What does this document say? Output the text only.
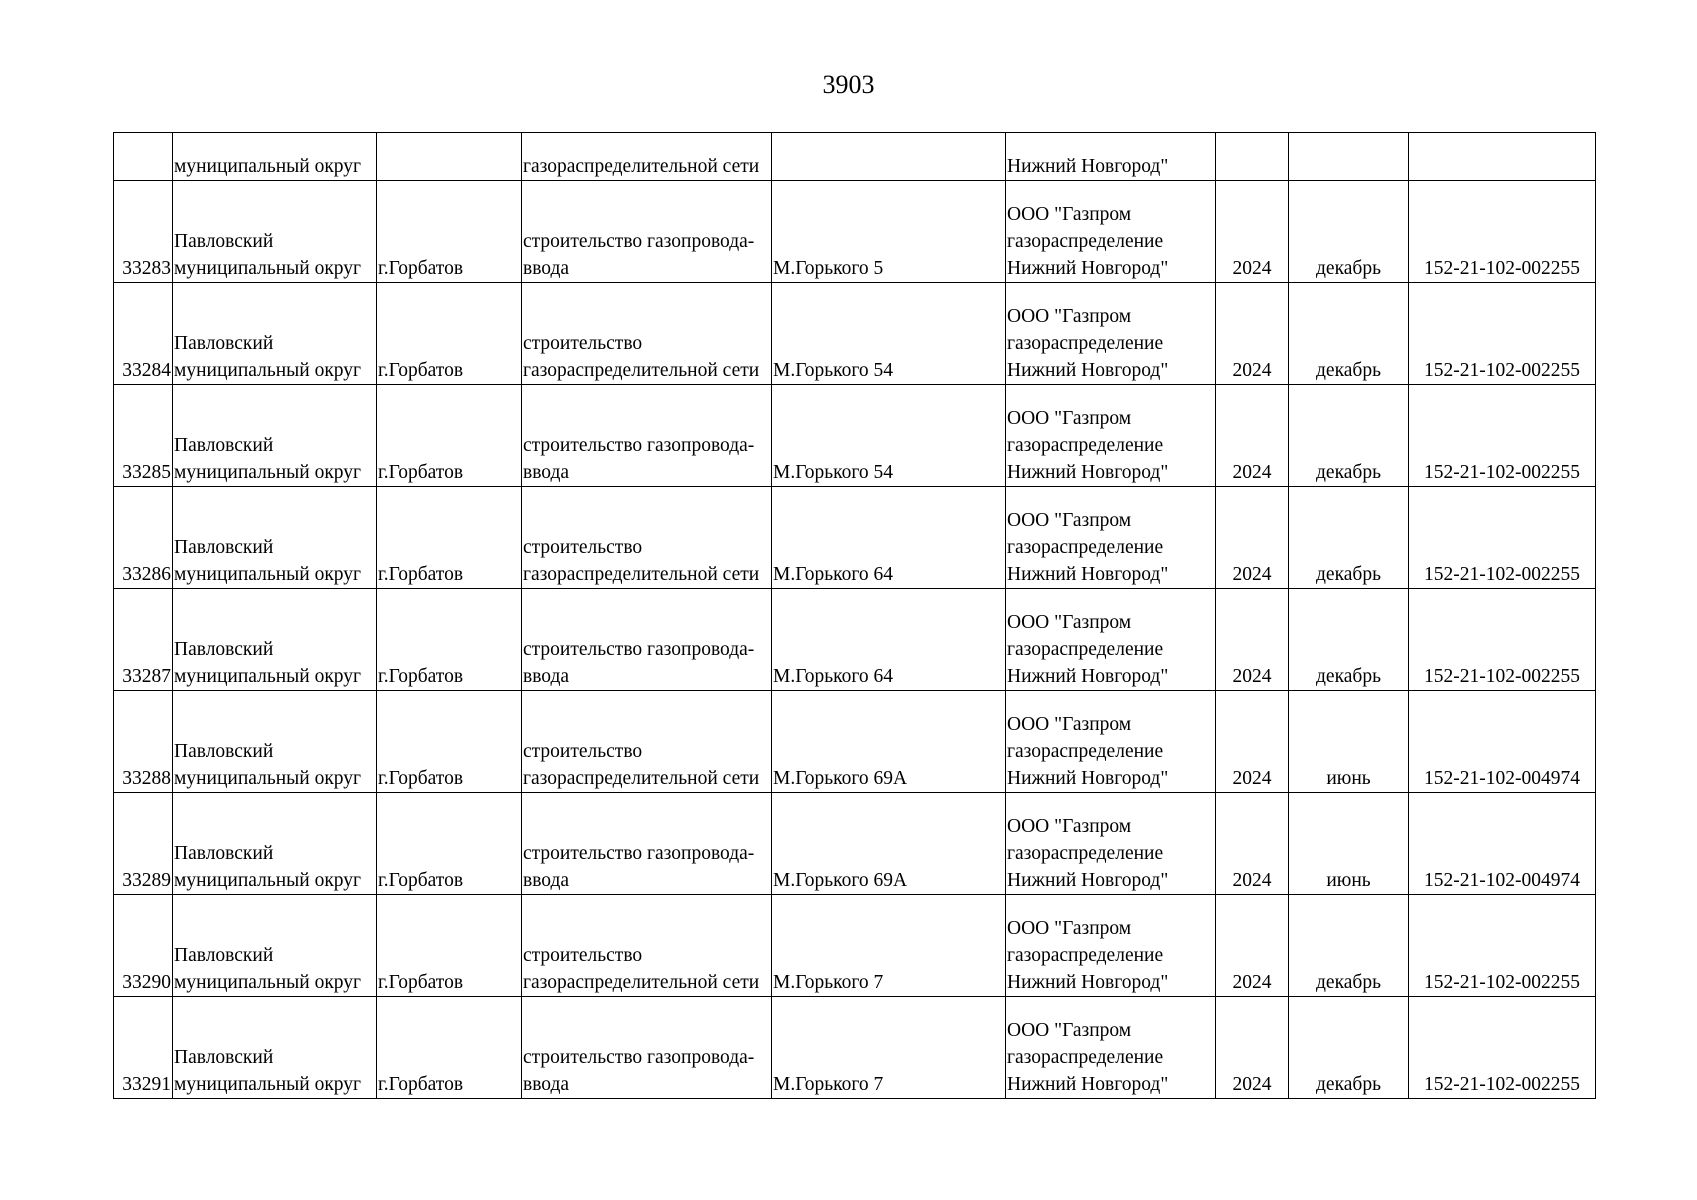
3903

	муниципальный округ		газораспределительной сети		Нижний Новгород"			

33283	Павловский
муниципальный округ	г.Горбатов	строительство газопровода-
ввода	М.Горького 5	ООО "Газпром
газораспределение
Нижний Новгород"	2024	декабрь	152-21-102-002255
33284	Павловский
муниципальный округ	г.Горбатов	строительство
газораспределительной сети	М.Горького 54	ООО "Газпром
газораспределение
Нижний Новгород"	2024	декабрь	152-21-102-002255
33285	Павловский
муниципальный округ	г.Горбатов	строительство газопровода-
ввода	М.Горького 54	ООО "Газпром
газораспределение
Нижний Новгород"	2024	декабрь	152-21-102-002255
33286	Павловский
муниципальный округ	г.Горбатов	строительство
газораспределительной сети	М.Горького 64	ООО "Газпром
газораспределение
Нижний Новгород"	2024	декабрь	152-21-102-002255
33287	Павловский
муниципальный округ	г.Горбатов	строительство газопровода-
ввода	М.Горького 64	ООО "Газпром
газораспределение
Нижний Новгород"	2024	декабрь	152-21-102-002255
33288	Павловский
муниципальный округ	г.Горбатов	строительство
газораспределительной сети	М.Горького 69А	ООО "Газпром
газораспределение
Нижний Новгород"	2024	июнь	152-21-102-004974
33289	Павловский
муниципальный округ	г.Горбатов	строительство газопровода-
ввода	М.Горького 69А	ООО "Газпром
газораспределение
Нижний Новгород"	2024	июнь	152-21-102-004974
33290	Павловский
муниципальный округ	г.Горбатов	строительство
газораспределительной сети	М.Горького 7	ООО "Газпром
газораспределение
Нижний Новгород"	2024	декабрь	152-21-102-002255
33291	Павловский
муниципальный округ	г.Горбатов	строительство газопровода-
ввода	М.Горького 7	ООО "Газпром
газораспределение
Нижний Новгород"	2024	декабрь	152-21-102-002255
